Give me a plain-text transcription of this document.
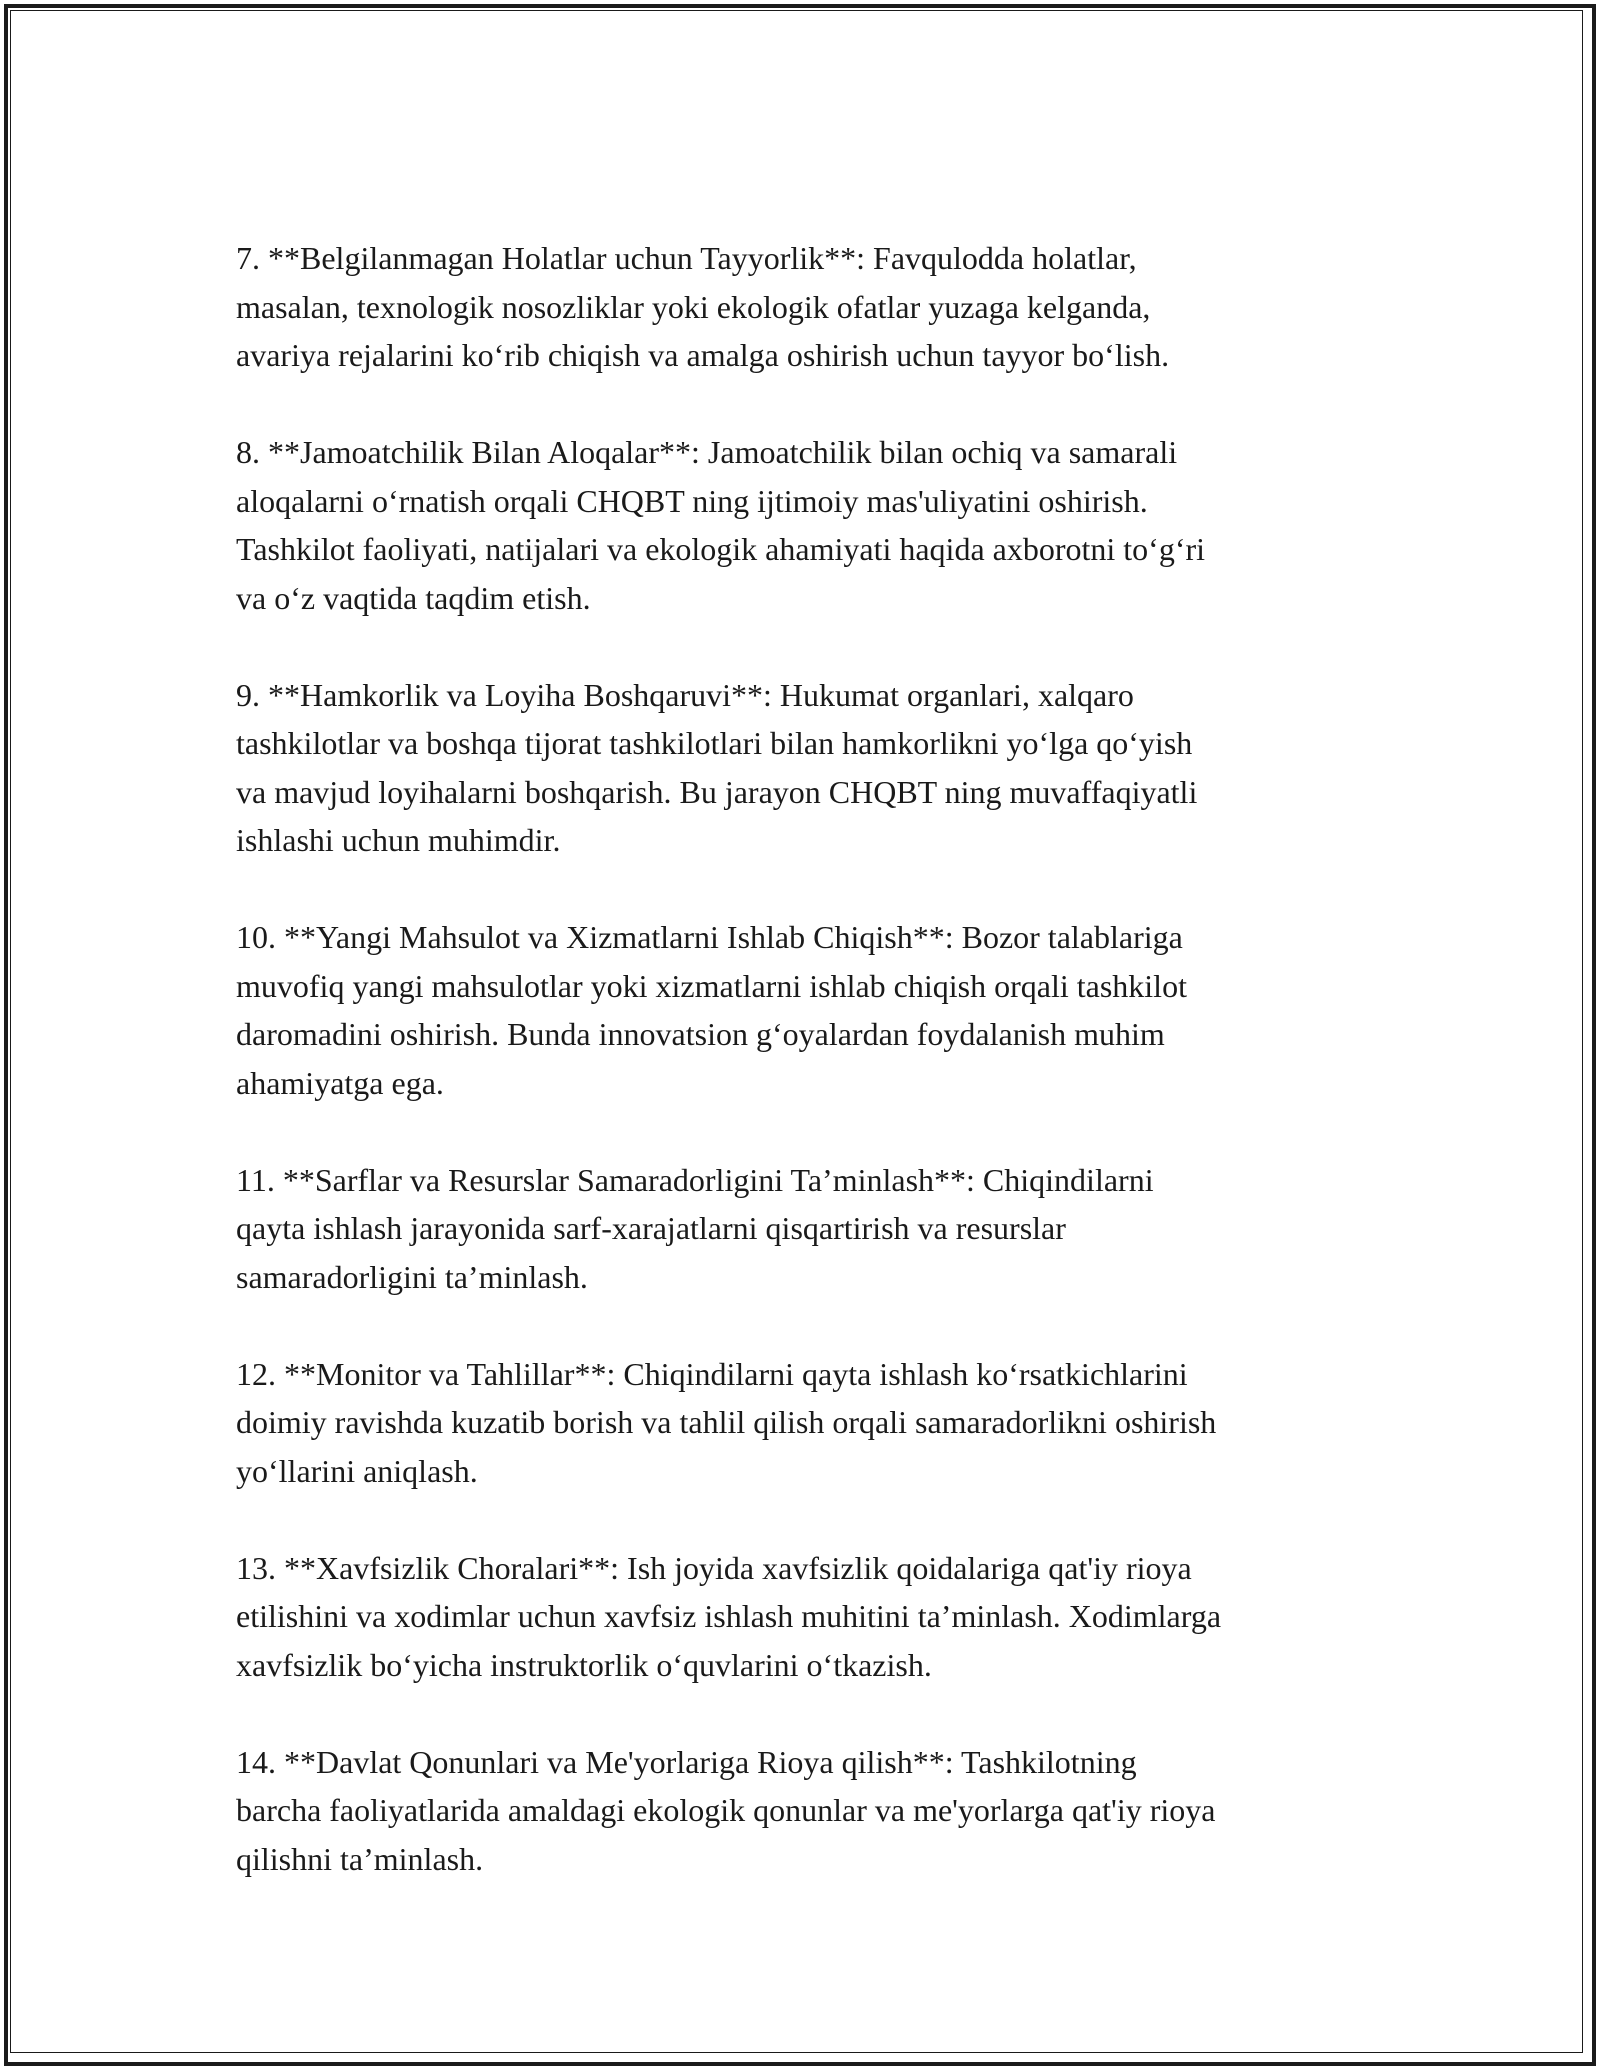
7. **Belgilanmagan Holatlar uchun Tayyorlik**: Favqulodda holatlar,
masalan, texnologik nosozliklar yoki ekologik ofatlar yuzaga kelganda,
avariya rejalarini koʻrib chiqish va amalga oshirish uchun tayyor boʻlish.
8. **Jamoatchilik Bilan Aloqalar**: Jamoatchilik bilan ochiq va samarali
aloqalarni oʻrnatish orqali CHQBT ning ijtimoiy mas'uliyatini oshirish.
Tashkilot faoliyati, natijalari va ekologik ahamiyati haqida axborotni toʻgʻri
va oʻz vaqtida taqdim etish.
9. **Hamkorlik va Loyiha Boshqaruvi**: Hukumat organlari, xalqaro
tashkilotlar va boshqa tijorat tashkilotlari bilan hamkorlikni yoʻlga qoʻyish
va mavjud loyihalarni boshqarish. Bu jarayon CHQBT ning muvaffaqiyatli
ishlashi uchun muhimdir.
10. **Yangi Mahsulot va Xizmatlarni Ishlab Chiqish**: Bozor talablariga
muvofiq yangi mahsulotlar yoki xizmatlarni ishlab chiqish orqali tashkilot
daromadini oshirish. Bunda innovatsion gʻoyalardan foydalanish muhim
ahamiyatga ega.
11. **Sarflar va Resurslar Samaradorligini Ta’minlash**: Chiqindilarni
qayta ishlash jarayonida sarf-xarajatlarni qisqartirish va resurslar
samaradorligini ta’minlash.
12. **Monitor va Tahlillar**: Chiqindilarni qayta ishlash koʻrsatkichlarini
doimiy ravishda kuzatib borish va tahlil qilish orqali samaradorlikni oshirish
yoʻllarini aniqlash.
13. **Xavfsizlik Choralari**: Ish joyida xavfsizlik qoidalariga qat'iy rioya
etilishini va xodimlar uchun xavfsiz ishlash muhitini ta’minlash. Xodimlarga
xavfsizlik boʻyicha instruktorlik oʻquvlarini oʻtkazish.
14. **Davlat Qonunlari va Me'yorlariga Rioya qilish**: Tashkilotning
barcha faoliyatlarida amaldagi ekologik qonunlar va me'yorlarga qat'iy rioya
qilishni ta’minlash.
